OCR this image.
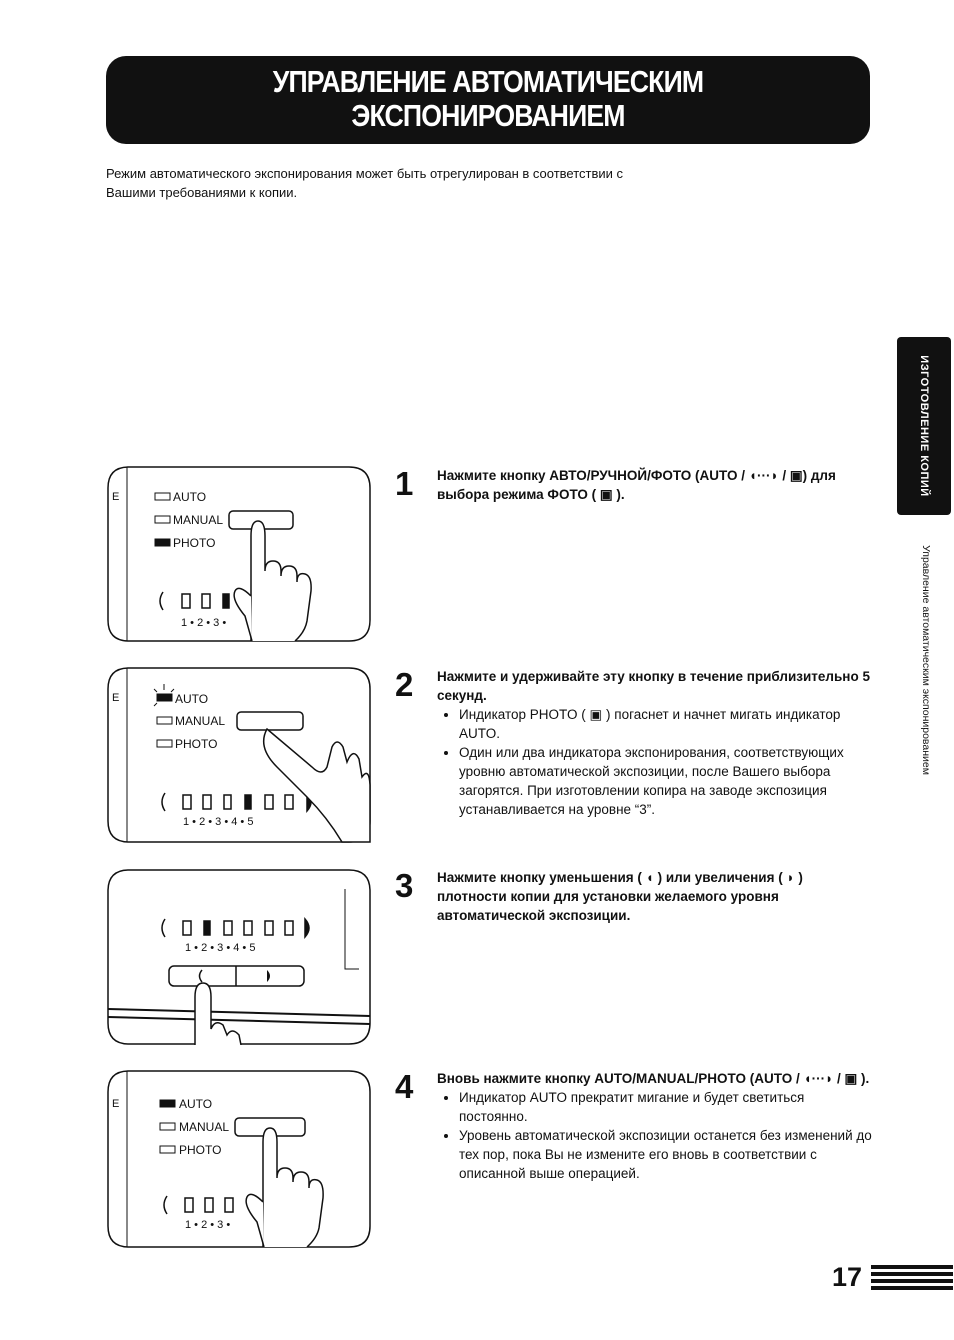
УПРАВЛЕНИЕ АВТОМАТИЧЕСКИМ
ЭКСПОНИРОВАНИЕМ
Режим автоматического экспонирования может быть отрегулирован в соответствии с Вашими требованиями к копии.
ИЗГОТОВЛЕНИЕ КОПИЙ
Управление автоматическим экспонированием
E	AUTO
MANUAL
PHOTO
1 • 2 • 3 •
E	AUTO
MANUAL
PHOTO
1 • 2 • 3 • 4 • 5
1 • 2 • 3 • 4 • 5
E	AUTO
MANUAL
PHOTO
1 • 2 • 3 •
1 Нажмите кнопку АВТО/РУЧНОЙ/ФОТО (AUTO / ◖···◗ / ▣) для выбора режима ФОТО ( ▣ ).
2 Нажмите и удерживайте эту кнопку в течение приблизительно 5 секунд.
• Индикатор PHOTO ( ▣ ) погаснет и начнет мигать индикатор AUTO.
• Один или два индикатора экспонирования, соответствующих уровню автоматической экспозиции, после Вашего выбора загорятся. При изготовлении копира на заводе экспозиция устанавливается на уровне “3”.
3 Нажмите кнопку уменьшения ( ◖ ) или увеличения ( ◗ ) плотности копии для установки желаемого уровня автоматической экспозиции.
4 Вновь нажмите кнопку AUTO/MANUAL/PHOTO (AUTO / ◖···◗ / ▣ ).
• Индикатор AUTO прекратит мигание и будет светиться постоянно.
• Уровень автоматической экспозиции останется без изменений до тех пор, пока Вы не измените его вновь в соответствии с описанной выше операцией.
17
